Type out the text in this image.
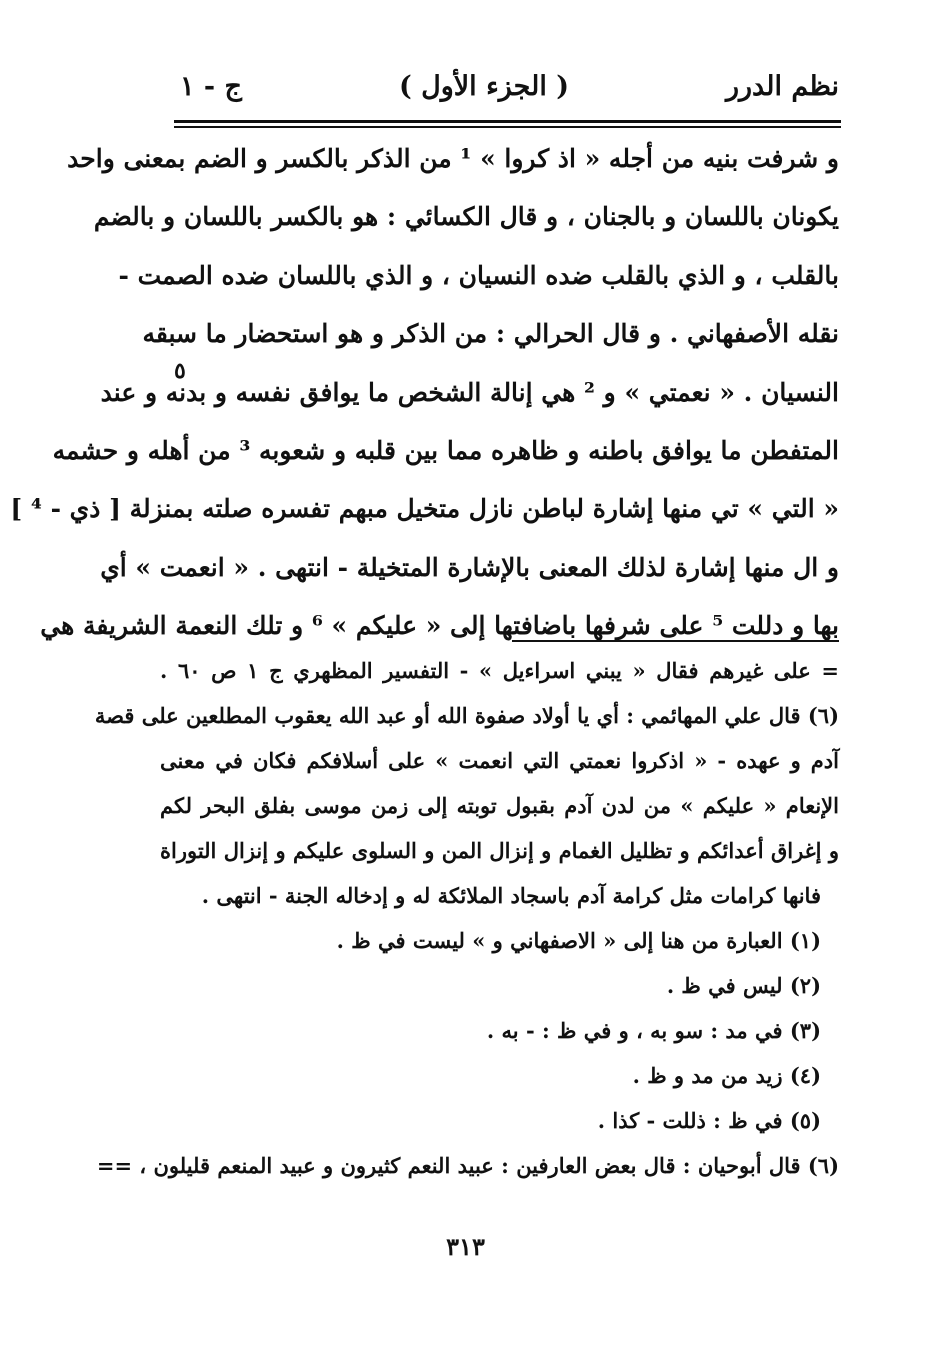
نظم الدرر
( الجزء الأول )
ج - ١
و شرفت بنيه من أجله « اذ كروا » ¹ من الذكر بالكسر و الضم بمعنى واحد
يكونان باللسان و بالجنان ، و قال الكسائي : هو بالكسر باللسان و بالضم
بالقلب ، و الذي بالقلب ضده النسيان ، و الذي باللسان ضده الصمت -
نقله الأصفهاني . و قال الحرالي : من الذكر و هو استحضار ما سبقه
النسيان . « نعمتي » و ² هي إنالة الشخص ما يوافق نفسه و بدنه و عند
المتفطن ما يوافق باطنه و ظاهره مما بين قلبه و شعوبه ³ من أهله و حشمه
« التي » تي منها إشارة لباطن نازل متخيل مبهم تفسره صلته بمنزلة [ ذي - ⁴ ]
و ال منها إشارة لذلك المعنى بالإشارة المتخيلة - انتهى . « انعمت » أي
بها و دللت ⁵ على شرفها باضافتها إلى « عليكم » ⁶ و تلك النعمة الشريفة هي
٥
= على غيرهم فقال « يبني اسراءيل » - التفسير المظهري ج ١ ص ٦٠ .
(٦) قال علي المهائمي : أي يا أولاد صفوة الله أو عبد الله يعقوب المطلعين على قصة
آدم و عهده - « اذكروا نعمتي التي انعمت » على أسلافكم فكان في معنى
الإنعام « عليكم » من لدن آدم بقبول توبته إلى زمن موسى بفلق البحر لكم
و إغراق أعدائكم و تظليل الغمام و إنزال المن و السلوى عليكم و إنزال التوراة
فانها كرامات مثل كرامة آدم باسجاد الملائكة له و إدخاله الجنة - انتهى .
(١) العبارة من هنا إلى « الاصفهاني و » ليست في ظ .
(٢) ليس في ظ .
(٣) في مد : سو به ، و في ظ : - به .
(٤) زيد من مد و ظ .
(٥) في ظ : ذللت - كذا .
(٦) قال أبوحيان : قال بعض العارفين : عبيد النعم كثيرون و عبيد المنعم قليلون ، ==
٣١٣
